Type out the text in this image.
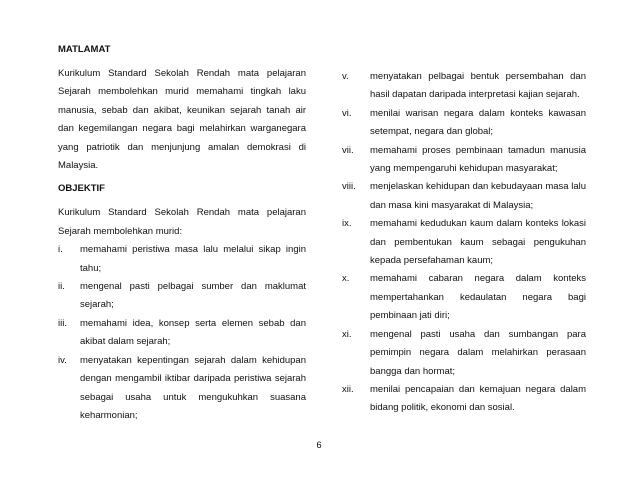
MATLAMAT

Kurikulum Standard Sekolah Rendah mata pelajaran Sejarah membolehkan murid memahami tingkah laku manusia, sebab dan akibat, keunikan sejarah tanah air dan kegemilangan negara bagi melahirkan warganegara yang patriotik dan menjunjung amalan demokrasi di Malaysia.

OBJEKTIF

Kurikulum Standard Sekolah Rendah mata pelajaran Sejarah membolehkan murid:

i.	memahami peristiwa masa lalu melalui sikap ingin tahu;
ii.	mengenal pasti pelbagai sumber dan maklumat sejarah;
iii.	memahami idea, konsep serta elemen sebab dan akibat dalam sejarah;
iv.	menyatakan kepentingan sejarah dalam kehidupan dengan mengambil iktibar daripada peristiwa sejarah sebagai usaha untuk mengukuhkan suasana keharmonian;
v.	menyatakan pelbagai bentuk persembahan dan hasil dapatan daripada interpretasi kajian sejarah.
vi.	menilai warisan negara dalam konteks kawasan setempat, negara dan global;
vii.	memahami proses pembinaan tamadun manusia yang mempengaruhi kehidupan masyarakat;
viii.	menjelaskan kehidupan dan kebudayaan masa lalu dan masa kini masyarakat di Malaysia;
ix.	memahami kedudukan kaum dalam konteks lokasi dan pembentukan kaum sebagai pengukuhan kepada persefahaman kaum;
x.	memahami cabaran negara dalam konteks mempertahankan kedaulatan negara bagi pembinaan jati diri;
xi.	mengenal pasti usaha dan sumbangan para pemimpin negara dalam melahirkan perasaan bangga dan hormat;
xii.	menilai pencapaian dan kemajuan negara dalam bidang politik, ekonomi dan sosial.
6
